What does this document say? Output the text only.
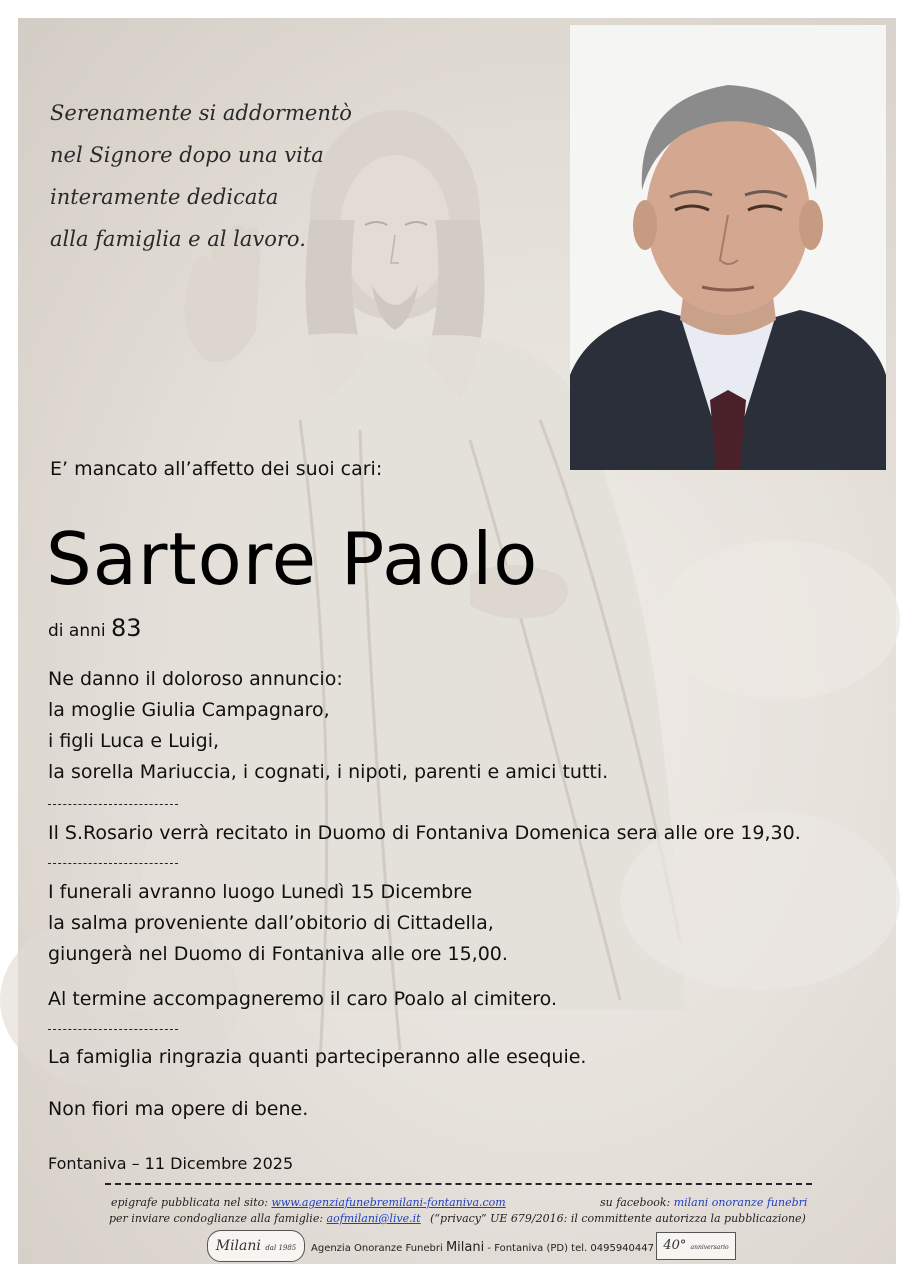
Serenamente si addormentò
nel Signore dopo una vita
interamente dedicata
alla famiglia e al lavoro.
E’ mancato all’affetto dei suoi cari:
Sartore Paolo
di anni 83
Ne danno il doloroso annuncio:
la moglie Giulia Campagnaro,
i figli Luca e Luigi,
la sorella Mariuccia, i cognati, i nipoti, parenti e amici tutti.
Il S.Rosario verrà recitato in Duomo di Fontaniva Domenica sera alle ore 19,30.
I funerali avranno luogo Lunedì 15 Dicembre
la salma proveniente dall’obitorio di Cittadella,
giungerà nel Duomo di Fontaniva alle ore 15,00.
Al termine accompagneremo il caro Poalo al cimitero.
La famiglia ringrazia quanti parteciperanno alle esequie.
Non fiori ma opere di bene.
Fontaniva – 11 Dicembre 2025
epigrafe pubblicata nel sito: www.agenziafunebremilani-fontaniva.com	su facebook: milani onoranze funebri
per inviare condoglianze alla famiglie: aofmilani@live.it (“privacy” UE 679/2016: il committente autorizza la pubblicazione)
Milani dal 1985	Agenzia Onoranze Funebri Milani - Fontaniva (PD) tel. 0495940447 40° anniversario
